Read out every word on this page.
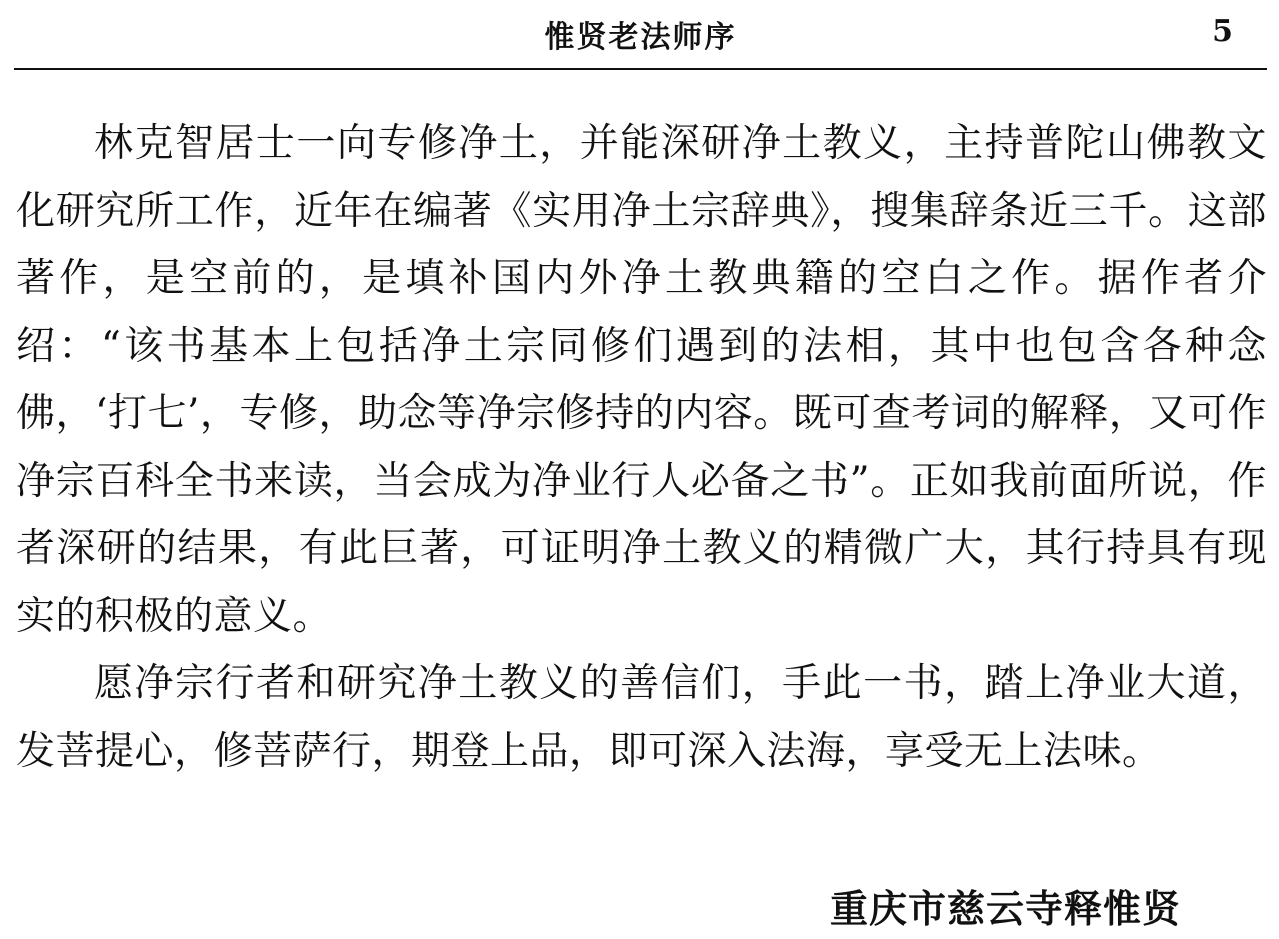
惟贤老法师序	5

林克智居士一向专修净土，并能深研净土教义，主持普陀山佛教文化研究所工作，近年在编著《实用净土宗辞典》，搜集辞条近三千。这部著作，是空前的，是填补国内外净土教典籍的空白之作。据作者介绍：“该书基本上包括净土宗同修们遇到的法相，其中也包含各种念佛，‘打七’，专修，助念等净宗修持的内容。既可查考词的解释，又可作净宗百科全书来读，当会成为净业行人必备之书”。正如我前面所说，作者深研的结果，有此巨著，可证明净土教义的精微广大，其行持具有现实的积极的意义。

愿净宗行者和研究净土教义的善信们，手此一书，踏上净业大道，发菩提心，修菩萨行，期登上品，即可深入法海，享受无上法味。

重庆市慈云寺释惟贤
